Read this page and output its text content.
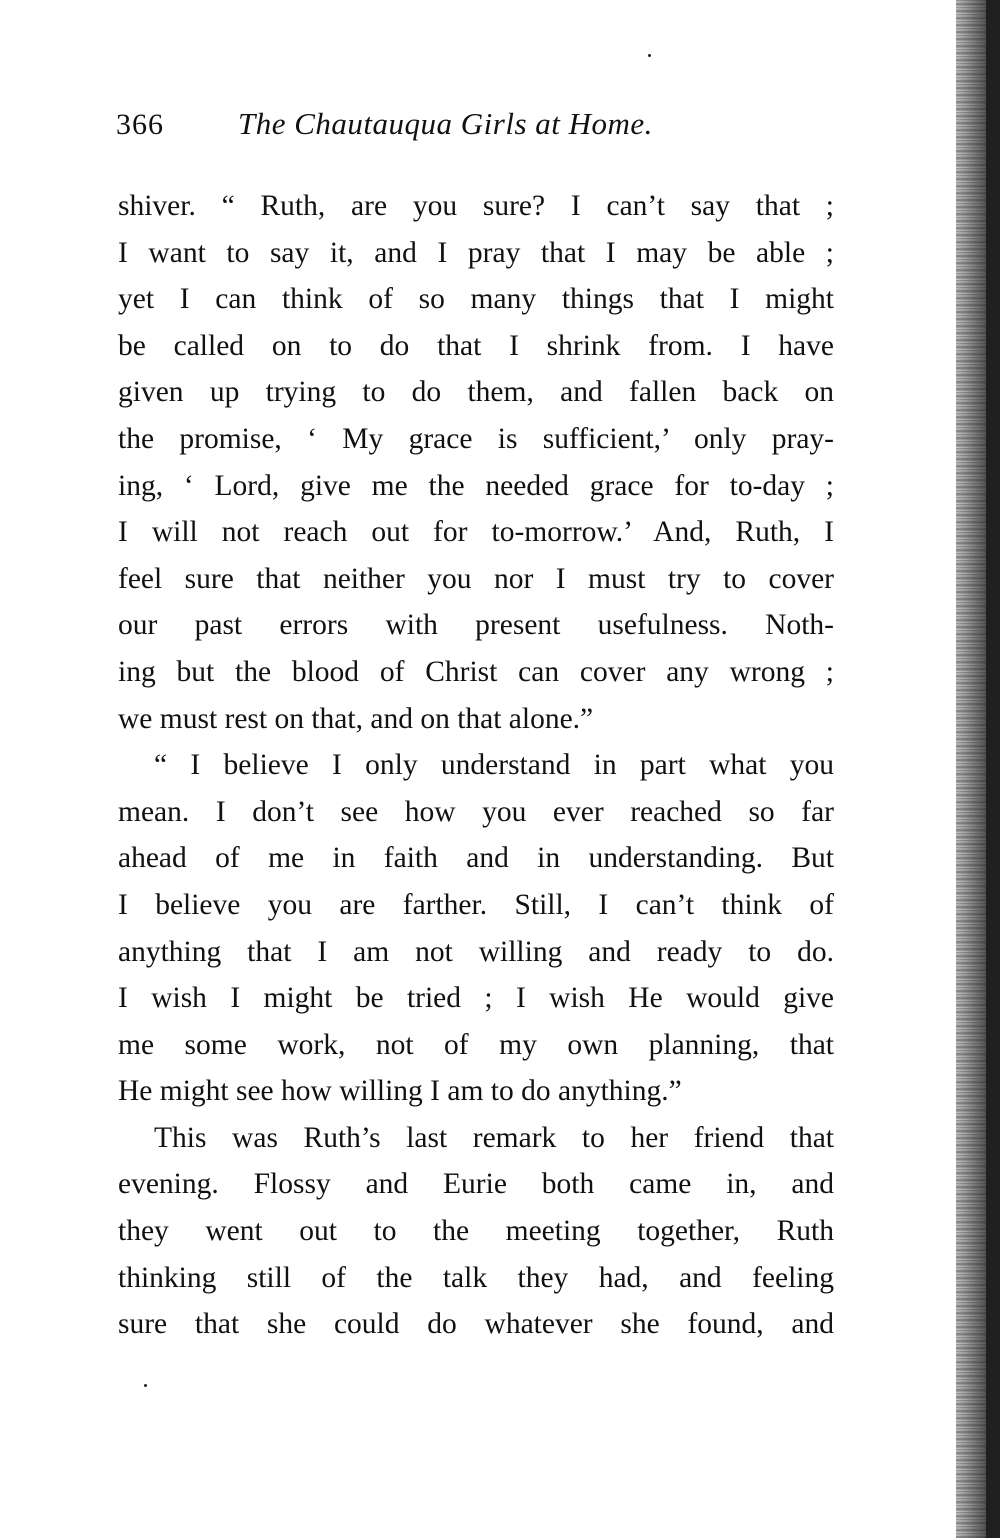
366 The Chautauqua Girls at Home.
shiver. “ Ruth, are you sure? I can’t say that ;
I want to say it, and I pray that I may be able ;
yet I can think of so many things that I might
be called on to do that I shrink from. I have
given up trying to do them, and fallen back on
the promise, ‘ My grace is sufficient,’ only pray-
ing, ‘ Lord, give me the needed grace for to-day ;
I will not reach out for to-morrow.’ And, Ruth, I
feel sure that neither you nor I must try to cover
our past errors with present usefulness. Noth-
ing but the blood of Christ can cover any wrong ;
we must rest on that, and on that alone.”
“ I believe I only understand in part what you
mean. I don’t see how you ever reached so far
ahead of me in faith and in understanding. But
I believe you are farther. Still, I can’t think of
anything that I am not willing and ready to do.
I wish I might be tried ; I wish He would give
me some work, not of my own planning, that
He might see how willing I am to do anything.”
This was Ruth’s last remark to her friend that
evening. Flossy and Eurie both came in, and
they went out to the meeting together, Ruth
thinking still of the talk they had, and feeling
sure that she could do whatever she found, and
